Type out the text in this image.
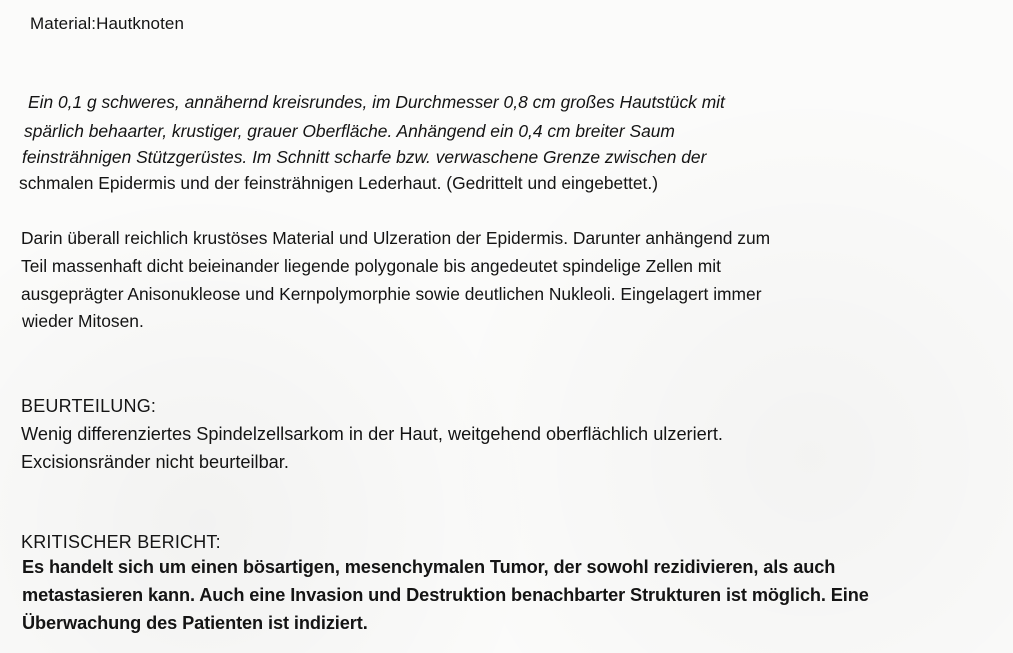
Material:Hautknoten
Ein 0,1 g schweres, annähernd kreisrundes, im Durchmesser 0,8 cm großes Hautstück mit
spärlich behaarter, krustiger, grauer Oberfläche. Anhängend ein 0,4 cm breiter Saum
feinsträhnigen Stützgerüstes. Im Schnitt scharfe bzw. verwaschene Grenze zwischen der
schmalen Epidermis und der feinsträhnigen Lederhaut. (Gedrittelt und eingebettet.)
Darin überall reichlich krustöses Material und Ulzeration der Epidermis. Darunter anhängend zum
Teil massenhaft dicht beieinander liegende polygonale bis angedeutet spindelige Zellen mit
ausgeprägter Anisonukleose und Kernpolymorphie sowie deutlichen Nukleoli. Eingelagert immer
wieder Mitosen.
BEURTEILUNG:
Wenig differenziertes Spindelzellsarkom in der Haut, weitgehend oberflächlich ulzeriert.
Excisionsränder nicht beurteilbar.
KRITISCHER BERICHT:
Es handelt sich um einen bösartigen, mesenchymalen Tumor, der sowohl rezidivieren, als auch
metastasieren kann. Auch eine Invasion und Destruktion benachbarter Strukturen ist möglich. Eine
Überwachung des Patienten ist indiziert.
